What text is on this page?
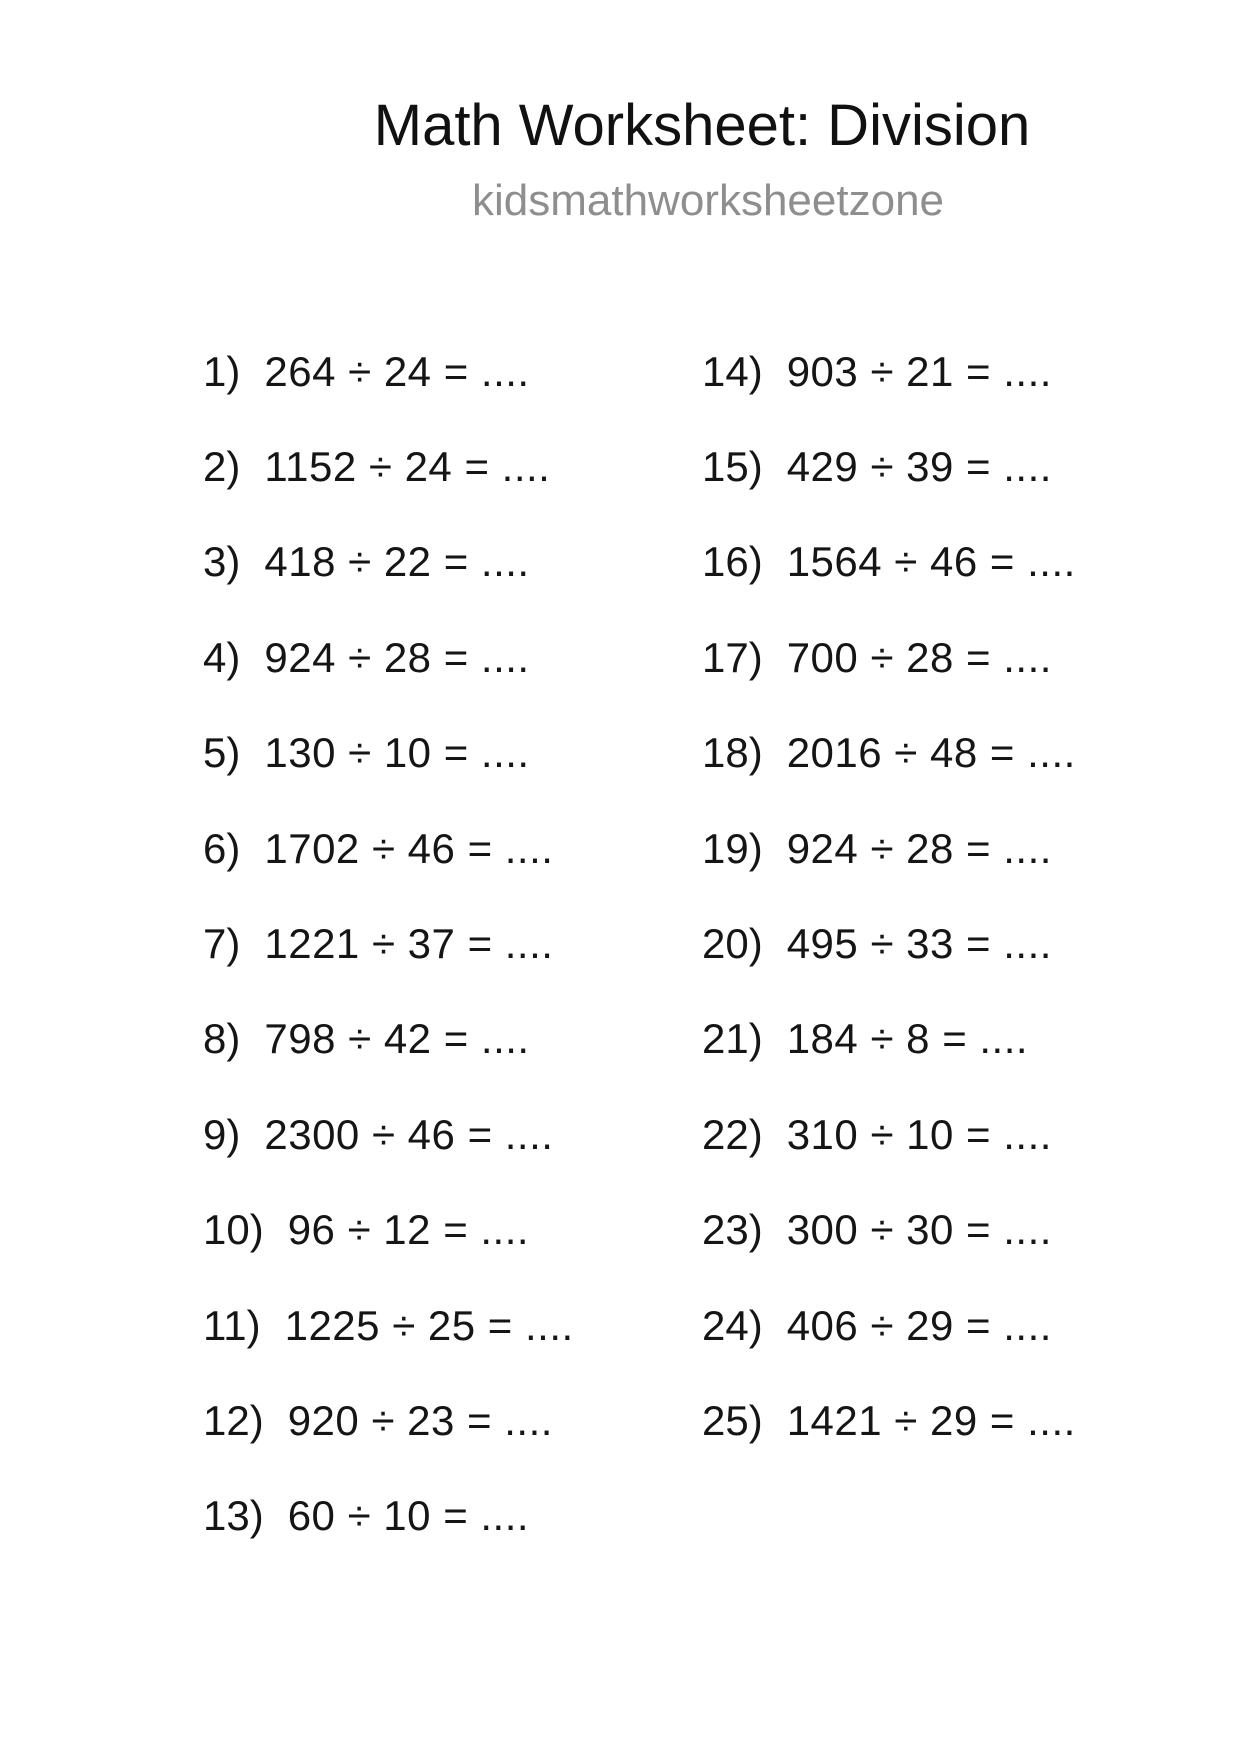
Math Worksheet: Division
kidsmathworksheetzone
1) 264 ÷ 24 = ....
2) 1152 ÷ 24 = ....
3) 418 ÷ 22 = ....
4) 924 ÷ 28 = ....
5) 130 ÷ 10 = ....
6) 1702 ÷ 46 = ....
7) 1221 ÷ 37 = ....
8) 798 ÷ 42 = ....
9) 2300 ÷ 46 = ....
10) 96 ÷ 12 = ....
11) 1225 ÷ 25 = ....
12) 920 ÷ 23 = ....
13) 60 ÷ 10 = ....
14) 903 ÷ 21 = ....
15) 429 ÷ 39 = ....
16) 1564 ÷ 46 = ....
17) 700 ÷ 28 = ....
18) 2016 ÷ 48 = ....
19) 924 ÷ 28 = ....
20) 495 ÷ 33 = ....
21) 184 ÷ 8 = ....
22) 310 ÷ 10 = ....
23) 300 ÷ 30 = ....
24) 406 ÷ 29 = ....
25) 1421 ÷ 29 = ....
